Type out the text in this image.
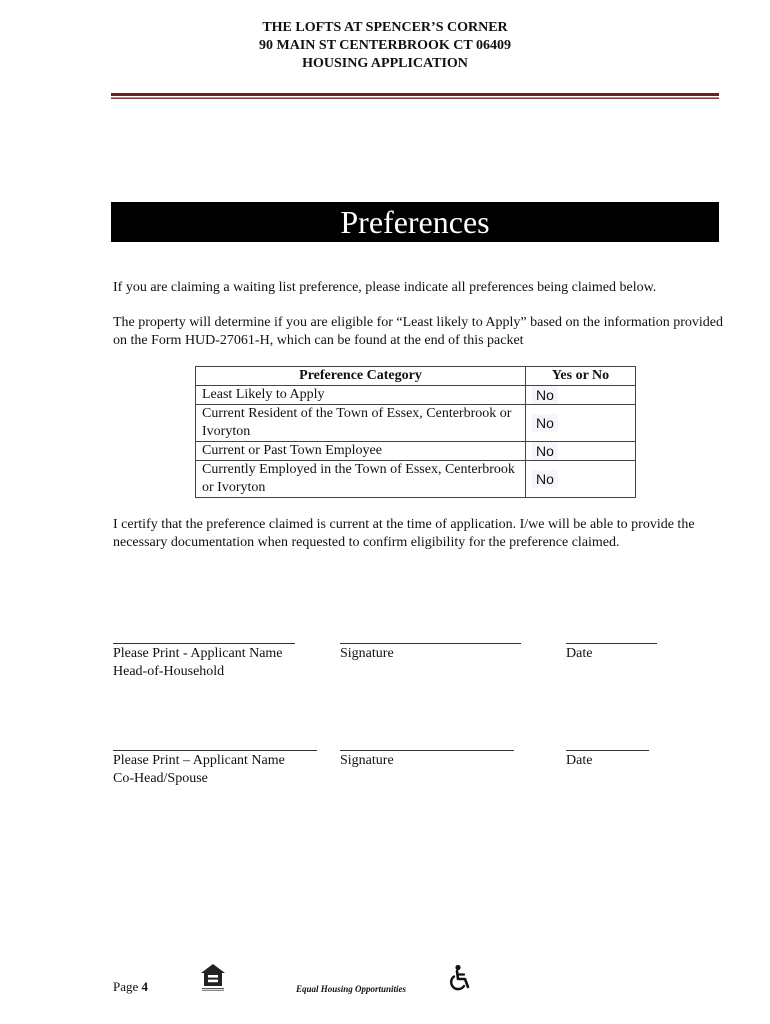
THE LOFTS AT SPENCER’S CORNER
90 MAIN ST CENTERBROOK CT 06409
HOUSING APPLICATION
Preferences
If you are claiming a waiting list preference, please indicate all preferences being claimed below.
The property will determine if you are eligible for “Least likely to Apply” based on the information provided on the Form HUD-27061-H, which can be found at the end of this packet
Preference Category	Yes or No
Least Likely to Apply	No
Current Resident of the Town of Essex, Centerbrook or Ivoryton	No
Current or Past Town Employee	No
Currently Employed in the Town of Essex, Centerbrook or Ivoryton	No
I certify that the preference claimed is current at the time of application. I/we will be able to provide the necessary documentation when requested to confirm eligibility for the preference claimed.
Please Print - Applicant Name
Head-of-Household
Signature	Date
Please Print – Applicant Name
Co-Head/Spouse
Signature	Date
Page 4	Equal Housing Opportunities
